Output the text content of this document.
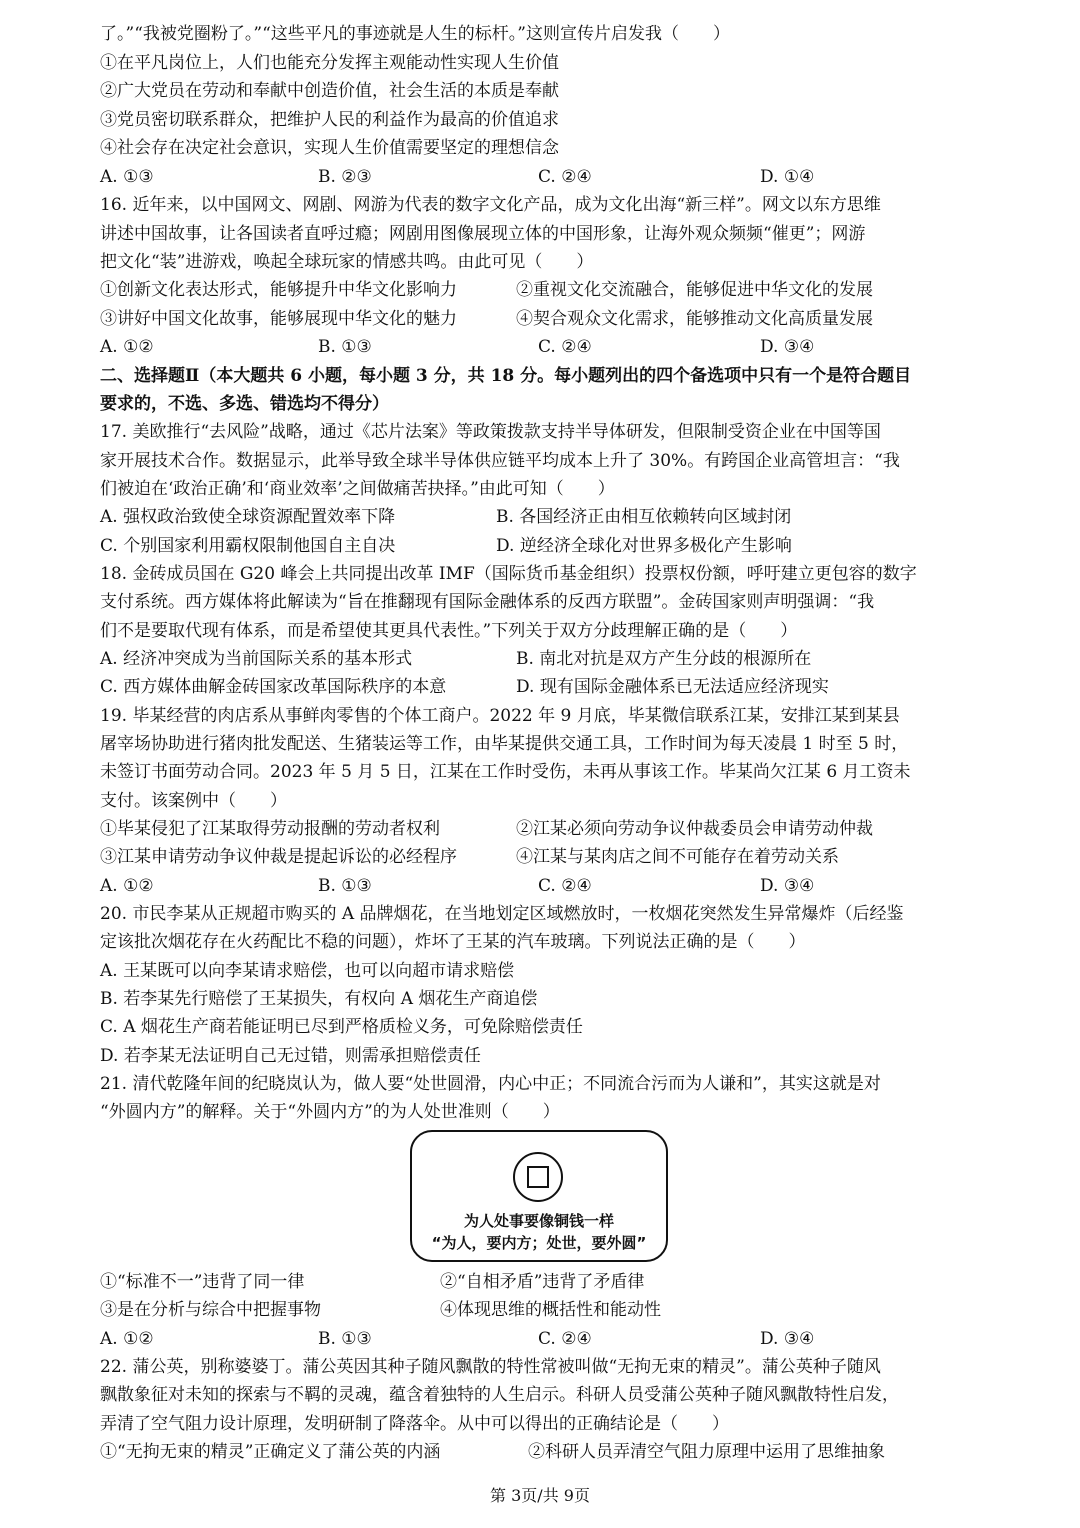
了。”“我被党圈粉了。”“这些平凡的事迹就是人生的标杆。”这则宣传片启发我（　　）
①在平凡岗位上，人们也能充分发挥主观能动性实现人生价值
②广大党员在劳动和奉献中创造价值，社会生活的本质是奉献
③党员密切联系群众，把维护人民的利益作为最高的价值追求
④社会存在决定社会意识，实现人生价值需要坚定的理想信念
A. ①③	B. ②③	C. ②④	D. ①④
16. 近年来，以中国网文、网剧、网游为代表的数字文化产品，成为文化出海“新三样”。网文以东方思维
讲述中国故事，让各国读者直呼过瘾；网剧用图像展现立体的中国形象，让海外观众频频“催更”；网游
把文化“装”进游戏，唤起全球玩家的情感共鸣。由此可见（　　）
①创新文化表达形式，能够提升中华文化影响力	②重视文化交流融合，能够促进中华文化的发展
③讲好中国文化故事，能够展现中华文化的魅力	④契合观众文化需求，能够推动文化高质量发展
A. ①②	B. ①③	C. ②④	D. ③④
二、选择题Ⅱ（本大题共 6 小题，每小题 3 分，共 18 分。每小题列出的四个备选项中只有一个是符合题目
要求的，不选、多选、错选均不得分）
17. 美欧推行“去风险”战略，通过《芯片法案》等政策拨款支持半导体研发，但限制受资企业在中国等国
家开展技术合作。数据显示，此举导致全球半导体供应链平均成本上升了 30%。有跨国企业高管坦言：“我
们被迫在‘政治正确’和‘商业效率’之间做痛苦抉择。”由此可知（　　）
A. 强权政治致使全球资源配置效率下降	B. 各国经济正由相互依赖转向区域封闭
C. 个别国家利用霸权限制他国自主自决	D. 逆经济全球化对世界多极化产生影响
18. 金砖成员国在 G20 峰会上共同提出改革 IMF（国际货币基金组织）投票权份额，呼吁建立更包容的数字
支付系统。西方媒体将此解读为“旨在推翻现有国际金融体系的反西方联盟”。金砖国家则声明强调：“我
们不是要取代现有体系，而是希望使其更具代表性。”下列关于双方分歧理解正确的是（　　）
A. 经济冲突成为当前国际关系的基本形式	B. 南北对抗是双方产生分歧的根源所在
C. 西方媒体曲解金砖国家改革国际秩序的本意	D. 现有国际金融体系已无法适应经济现实
19. 毕某经营的肉店系从事鲜肉零售的个体工商户。2022 年 9 月底，毕某微信联系江某，安排江某到某县
屠宰场协助进行猪肉批发配送、生猪装运等工作，由毕某提供交通工具，工作时间为每天凌晨 1 时至 5 时，
未签订书面劳动合同。2023 年 5 月 5 日，江某在工作时受伤，未再从事该工作。毕某尚欠江某 6 月工资未
支付。该案例中（　　）
①毕某侵犯了江某取得劳动报酬的劳动者权利	②江某必须向劳动争议仲裁委员会申请劳动仲裁
③江某申请劳动争议仲裁是提起诉讼的必经程序	④江某与某肉店之间不可能存在着劳动关系
A. ①②	B. ①③	C. ②④	D. ③④
20. 市民李某从正规超市购买的 A 品牌烟花，在当地划定区域燃放时，一枚烟花突然发生异常爆炸（后经鉴
定该批次烟花存在火药配比不稳的问题），炸坏了王某的汽车玻璃。下列说法正确的是（　　）
A. 王某既可以向李某请求赔偿，也可以向超市请求赔偿
B. 若李某先行赔偿了王某损失，有权向 A 烟花生产商追偿
C. A 烟花生产商若能证明已尽到严格质检义务，可免除赔偿责任
D. 若李某无法证明自己无过错，则需承担赔偿责任
21. 清代乾隆年间的纪晓岚认为，做人要“处世圆滑，内心中正；不同流合污而为人谦和”，其实这就是对
“外圆内方”的解释。关于“外圆内方”的为人处世准则（　　）
为人处事要像铜钱一样
“为人，要内方；处世，要外圆”
①“标准不一”违背了同一律	②“自相矛盾”违背了矛盾律
③是在分析与综合中把握事物	④体现思维的概括性和能动性
A. ①②	B. ①③	C. ②④	D. ③④
22. 蒲公英，别称婆婆丁。蒲公英因其种子随风飘散的特性常被叫做“无拘无束的精灵”。蒲公英种子随风
飘散象征对未知的探索与不羁的灵魂，蕴含着独特的人生启示。科研人员受蒲公英种子随风飘散特性启发，
弄清了空气阻力设计原理，发明研制了降落伞。从中可以得出的正确结论是（　　）
①“无拘无束的精灵”正确定义了蒲公英的内涵	②科研人员弄清空气阻力原理中运用了思维抽象
第 3页/共 9页
